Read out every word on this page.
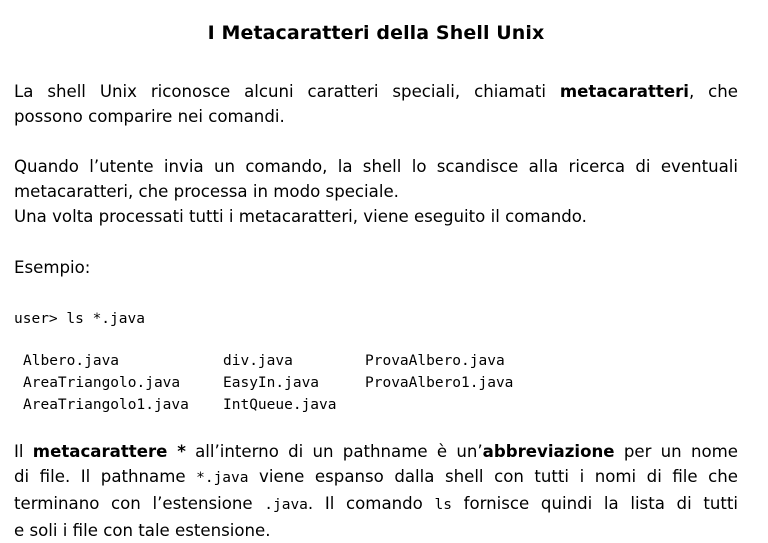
I Metacaratteri della Shell Unix
La shell Unix riconosce alcuni caratteri speciali, chiamati metacaratteri, che
possono comparire nei comandi.
Quando l’utente invia un comando, la shell lo scandisce alla ricerca di eventuali
metacaratteri, che processa in modo speciale.
Una volta processati tutti i metacaratteri, viene eseguito il comando.
Esempio:
user> ls *.java
Albero.java	div.java	ProvaAlbero.java
AreaTriangolo.java	EasyIn.java	ProvaAlbero1.java
AreaTriangolo1.java	IntQueue.java
Il metacarattere * all’interno di un pathname è un’abbreviazione per un nome
di file. Il pathname *.java viene espanso dalla shell con tutti i nomi di file che
terminano con l’estensione .java. Il comando ls fornisce quindi la lista di tutti
e soli i file con tale estensione.
